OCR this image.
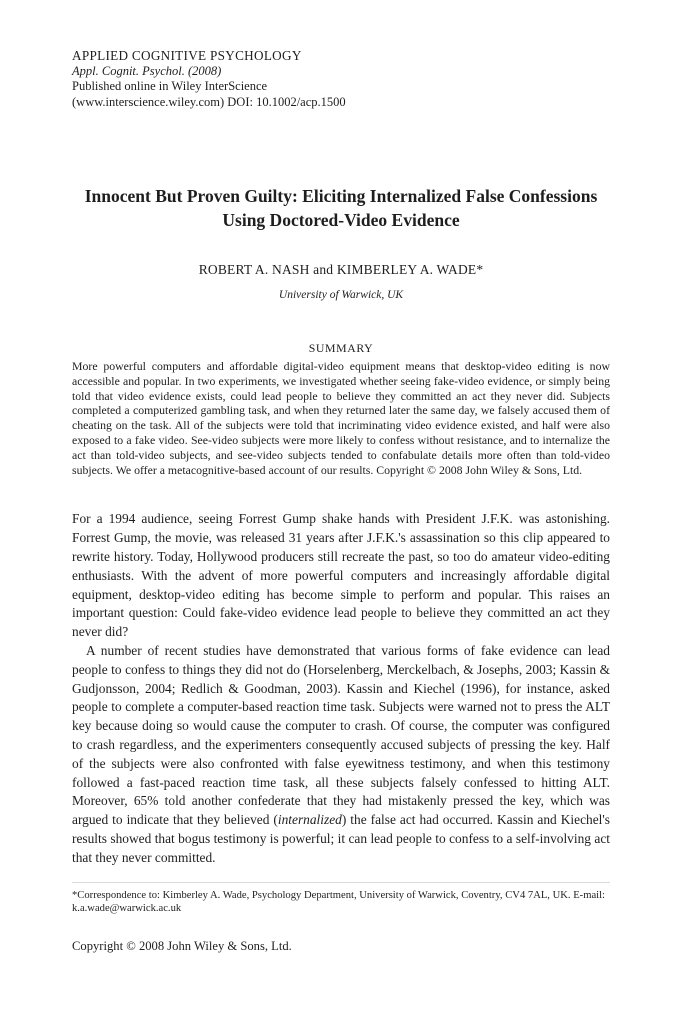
APPLIED COGNITIVE PSYCHOLOGY
Appl. Cognit. Psychol. (2008)
Published online in Wiley InterScience
(www.interscience.wiley.com) DOI: 10.1002/acp.1500
Innocent But Proven Guilty: Eliciting Internalized False Confessions Using Doctored-Video Evidence
ROBERT A. NASH and KIMBERLEY A. WADE*
University of Warwick, UK
SUMMARY
More powerful computers and affordable digital-video equipment means that desktop-video editing is now accessible and popular. In two experiments, we investigated whether seeing fake-video evidence, or simply being told that video evidence exists, could lead people to believe they committed an act they never did. Subjects completed a computerized gambling task, and when they returned later the same day, we falsely accused them of cheating on the task. All of the subjects were told that incriminating video evidence existed, and half were also exposed to a fake video. See-video subjects were more likely to confess without resistance, and to internalize the act than told-video subjects, and see-video subjects tended to confabulate details more often than told-video subjects. We offer a metacognitive-based account of our results. Copyright © 2008 John Wiley & Sons, Ltd.

For a 1994 audience, seeing Forrest Gump shake hands with President J.F.K. was astonishing. Forrest Gump, the movie, was released 31 years after J.F.K.'s assassination so this clip appeared to rewrite history. Today, Hollywood producers still recreate the past, so too do amateur video-editing enthusiasts. With the advent of more powerful computers and increasingly affordable digital equipment, desktop-video editing has become simple to perform and popular. This raises an important question: Could fake-video evidence lead people to believe they committed an act they never did?

A number of recent studies have demonstrated that various forms of fake evidence can lead people to confess to things they did not do (Horselenberg, Merckelbach, & Josephs, 2003; Kassin & Gudjonsson, 2004; Redlich & Goodman, 2003). Kassin and Kiechel (1996), for instance, asked people to complete a computer-based reaction time task. Subjects were warned not to press the ALT key because doing so would cause the computer to crash. Of course, the computer was configured to crash regardless, and the experimenters consequently accused subjects of pressing the key. Half of the subjects were also confronted with false eyewitness testimony, and when this testimony followed a fast-paced reaction time task, all these subjects falsely confessed to hitting ALT. Moreover, 65% told another confederate that they had mistakenly pressed the key, which was argued to indicate that they believed (internalized) the false act had occurred. Kassin and Kiechel's results showed that bogus testimony is powerful; it can lead people to confess to a self-involving act that they never committed.

*Correspondence to: Kimberley A. Wade, Psychology Department, University of Warwick, Coventry, CV4 7AL, UK. E-mail: k.a.wade@warwick.ac.uk
Copyright © 2008 John Wiley & Sons, Ltd.
